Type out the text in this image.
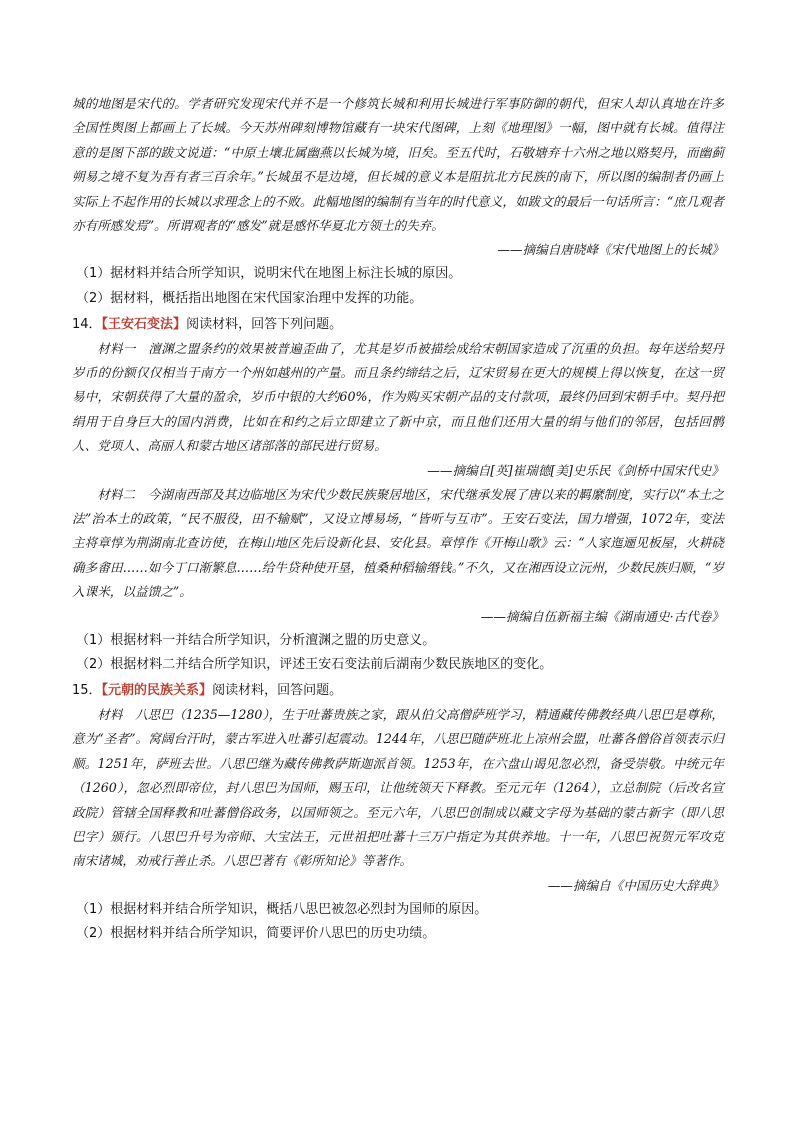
城的地图是宋代的。学者研究发现宋代并不是一个修筑长城和利用长城进行军事防御的朝代，但宋人却认真地在许多全国性舆图上都画上了长城。今天苏州碑刻博物馆藏有一块宋代图碑，上刻《地理图》一幅，图中就有长城。值得注意的是图下部的跋文说道：“中原土壤北属幽燕以长城为境，旧矣。至五代时，石敬塘弃十六州之地以赂契丹，而幽蓟朔易之境不复为吾有者三百余年。”长城虽不是边境，但长城的意义本是阻抗北方民族的南下，所以图的编制者仍画上实际上不起作用的长城以求理念上的不败。此幅地图的编制有当年的时代意义，如跋文的最后一句话所言：“庶几观者亦有所感发焉”。所谓观者的“感发”就是感怀华夏北方领土的失弃。

——摘编自唐晓峰《宋代地图上的长城》

（1）据材料并结合所学知识，说明宋代在地图上标注长城的原因。

（2）据材料，概括指出地图在宋代国家治理中发挥的功能。

14．【王安石变法】阅读材料，回答下列问题。

材料一　澶渊之盟条约的效果被普遍歪曲了，尤其是岁币被描绘成给宋朝国家造成了沉重的负担。每年送给契丹岁币的份额仅仅相当于南方一个州如越州的产量。而且条约缔结之后，辽宋贸易在更大的规模上得以恢复，在这一贸易中，宋朝获得了大量的盈余，岁币中银的大约60%，作为购买宋朝产品的支付款项，最终仍回到宋朝手中。契丹把绢用于自身巨大的国内消费，比如在和约之后立即建立了新中京，而且他们还用大量的绢与他们的邻居，包括回鹘人、党项人、高丽人和蒙古地区诸部落的部民进行贸易。

——摘编自[英]崔瑞德[美]史乐民《剑桥中国宋代史》

材料二　今湖南西部及其边临地区为宋代少数民族聚居地区，宋代继承发展了唐以来的羁縻制度，实行以“本土之法”治本土的政策，“民不服役，田不输赋”，又设立博易场，“皆听与互市”。王安石变法，国力增强，1072年，变法主将章惇为荆湖南北查访使，在梅山地区先后设新化县、安化县。章惇作《开梅山歌》云：“人家迤逦见板屋，火耕硗确多畬田……如今丁口渐繁息……给牛贷种使开垦，植桑种稻输缗钱。”不久，又在湘西设立沅州，少数民族归顺，“岁入课米，以益馈之”。

——摘编自伍新福主编《湖南通史·古代卷》

（1）根据材料一并结合所学知识，分析澶渊之盟的历史意义。

（2）根据材料二并结合所学知识，评述王安石变法前后湖南少数民族地区的变化。

15．【元朝的民族关系】阅读材料，回答问题。

材料　八思巴（1235—1280），生于吐蕃贵族之家，跟从伯父高僧萨班学习，精通藏传佛教经典八思巴是尊称，意为“圣者”。窝阔台汗时，蒙古军进入吐蕃引起震动。1244年，八思巴随萨班北上凉州会盟，吐蕃各僧俗首领表示归顺。1251年，萨班去世。八思巴继为藏传佛教萨斯迦派首领。1253年，在六盘山谒见忽必烈，备受崇敬。中统元年（1260），忽必烈即帝位，封八思巴为国师，赐玉印，让他统领天下释教。至元元年（1264），立总制院（后改名宣政院）管辖全国释教和吐蕃僧俗政务，以国师领之。至元六年，八思巴创制成以藏文字母为基础的蒙古新字（即八思巴字）颁行。八思巴升号为帝师、大宝法王，元世祖把吐蕃十三万户指定为其供养地。十一年，八思巴祝贺元军攻克南宋诸城，劝戒行善止杀。八思巴著有《彰所知论》等著作。

——摘编自《中国历史大辞典》

（1）根据材料并结合所学知识，概括八思巴被忽必烈封为国师的原因。

（2）根据材料并结合所学知识，简要评价八思巴的历史功绩。
